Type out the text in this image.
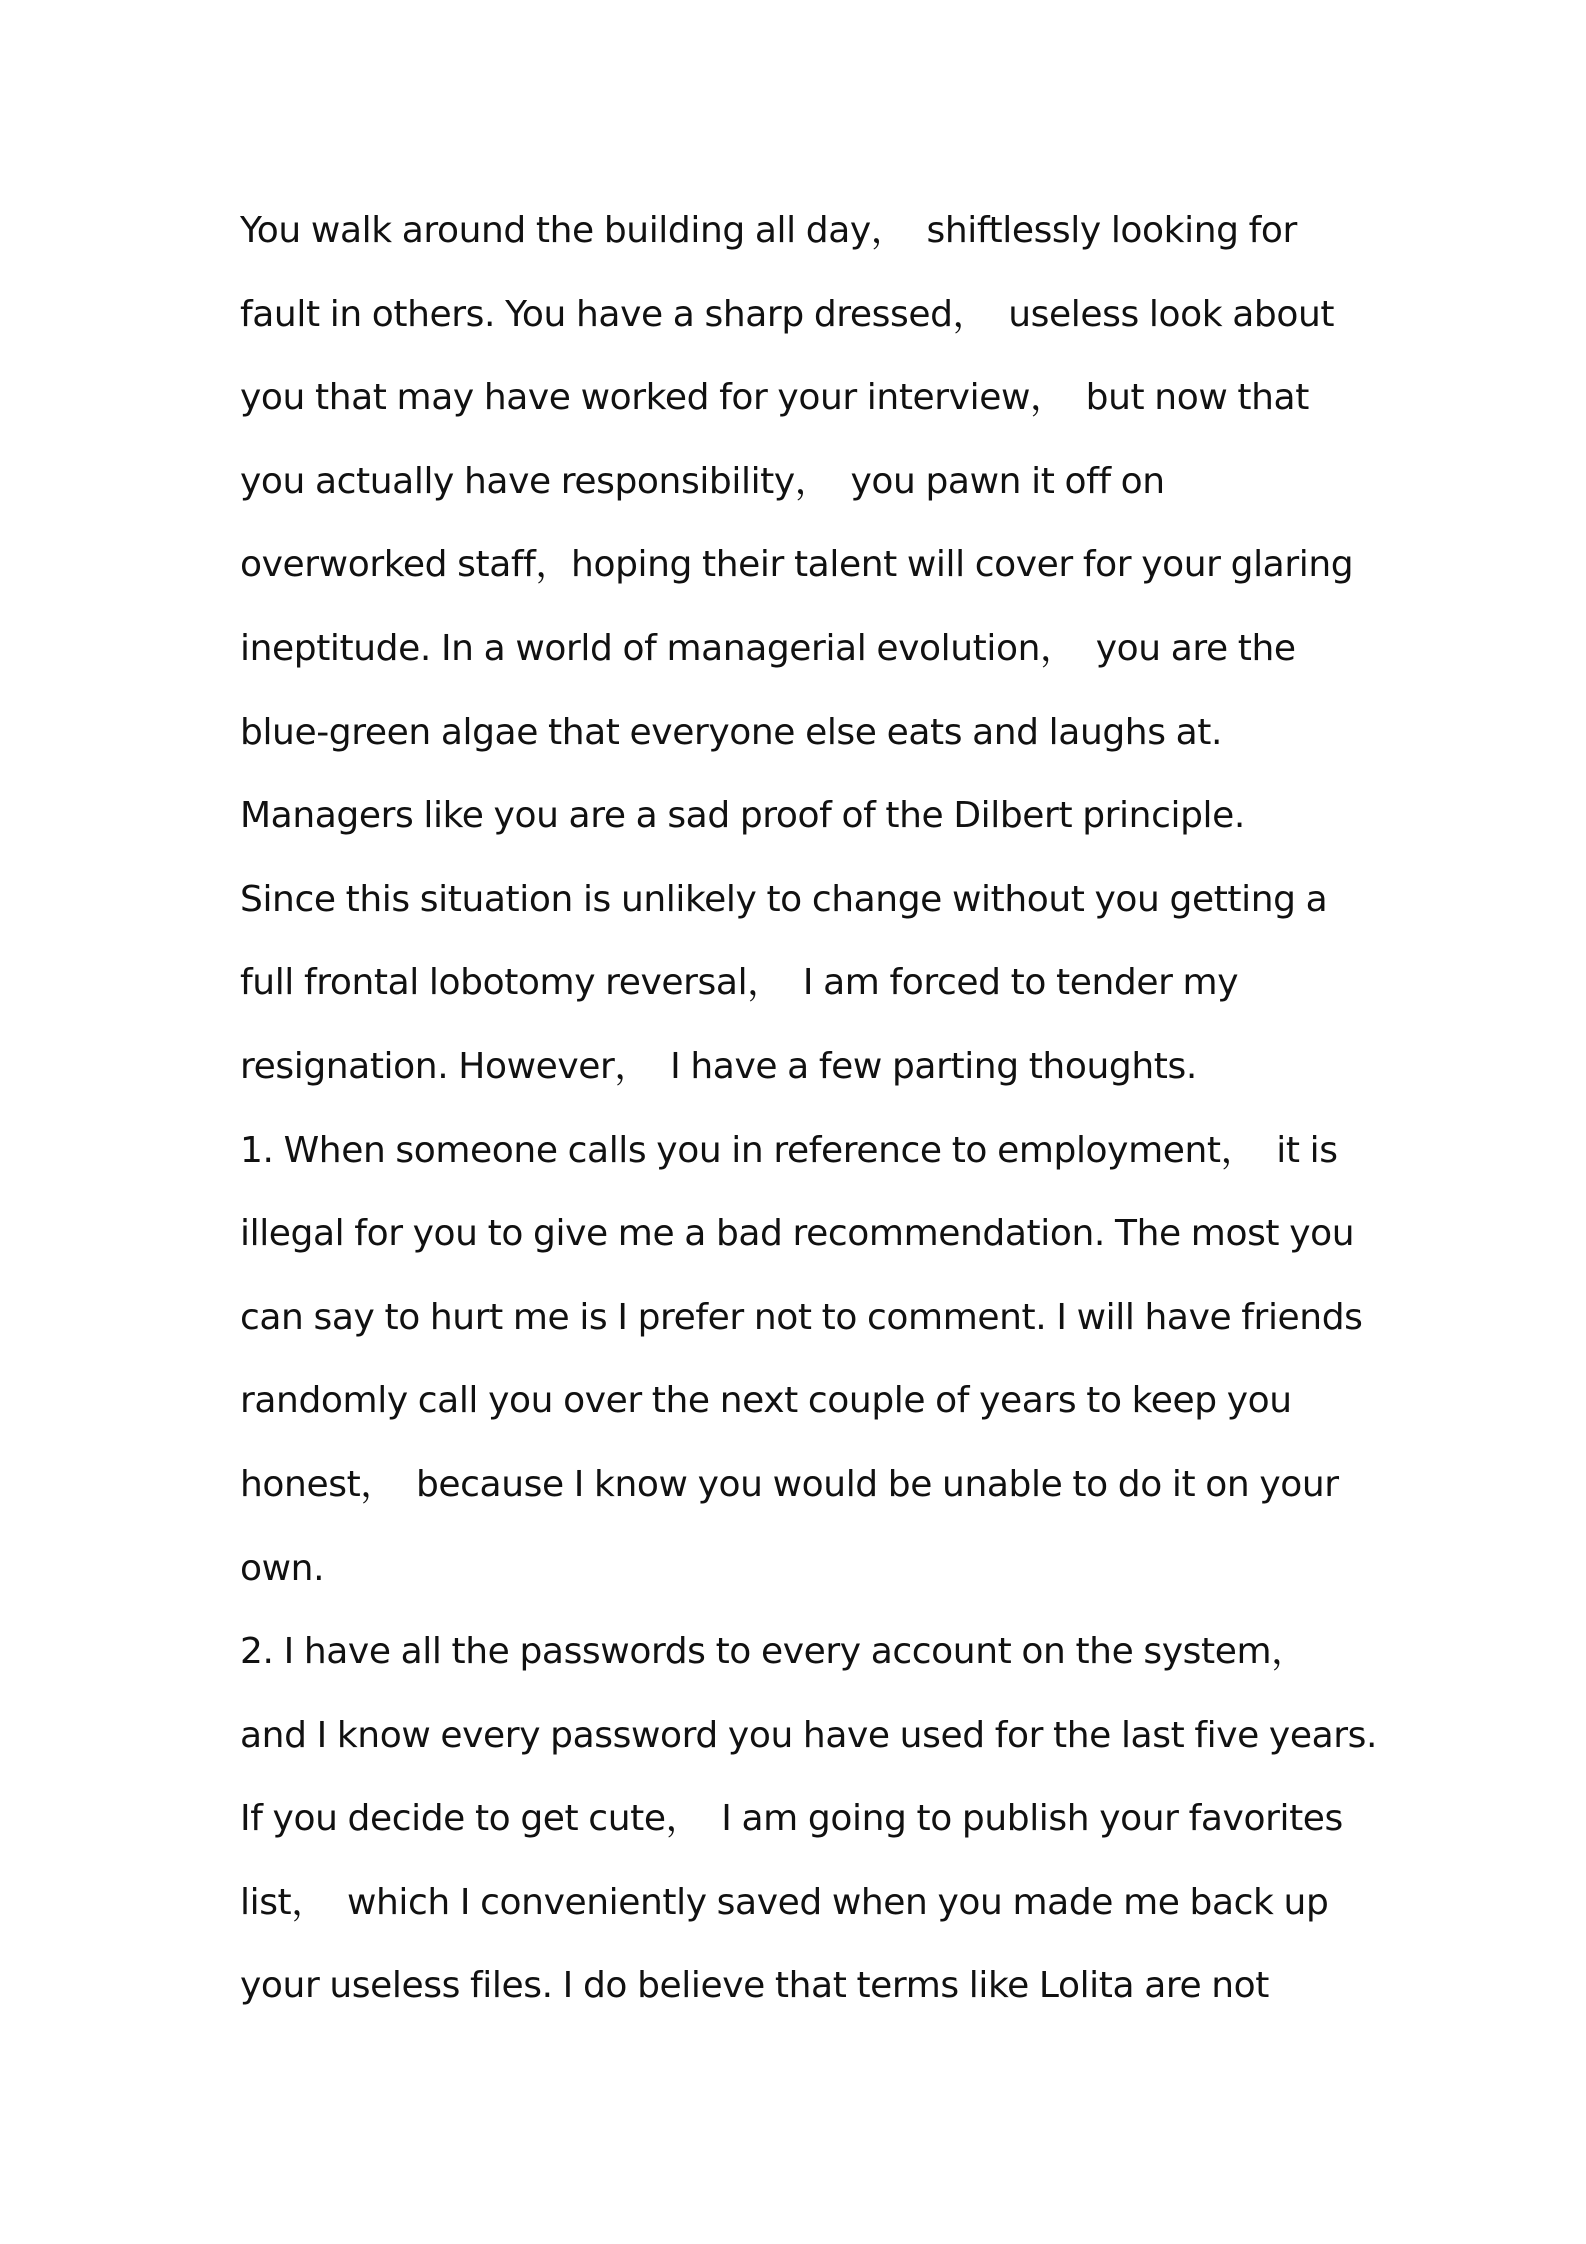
You walk around the building all day，  shiftlessly looking for
fault in others. You have a sharp dressed，  useless look about
you that may have worked for your interview，  but now that
you actually have responsibility，  you pawn it off on
overworked staff，hoping their talent will cover for your glaring
ineptitude. In a world of managerial evolution，  you are the
blue-green algae that everyone else eats and laughs at.
Managers like you are a sad proof of the Dilbert principle.
Since this situation is unlikely to change without you getting a
full frontal lobotomy reversal，  I am forced to tender my
resignation. However，  I have a few parting thoughts.
1. When someone calls you in reference to employment，  it is
illegal for you to give me a bad recommendation. The most you
can say to hurt me is I prefer not to comment. I will have friends
randomly call you over the next couple of years to keep you
honest，  because I know you would be unable to do it on your
own.
2. I have all the passwords to every account on the system，
and I know every password you have used for the last five years.
If you decide to get cute，  I am going to publish your favorites
list，  which I conveniently saved when you made me back up
your useless files. I do believe that terms like Lolita are not
